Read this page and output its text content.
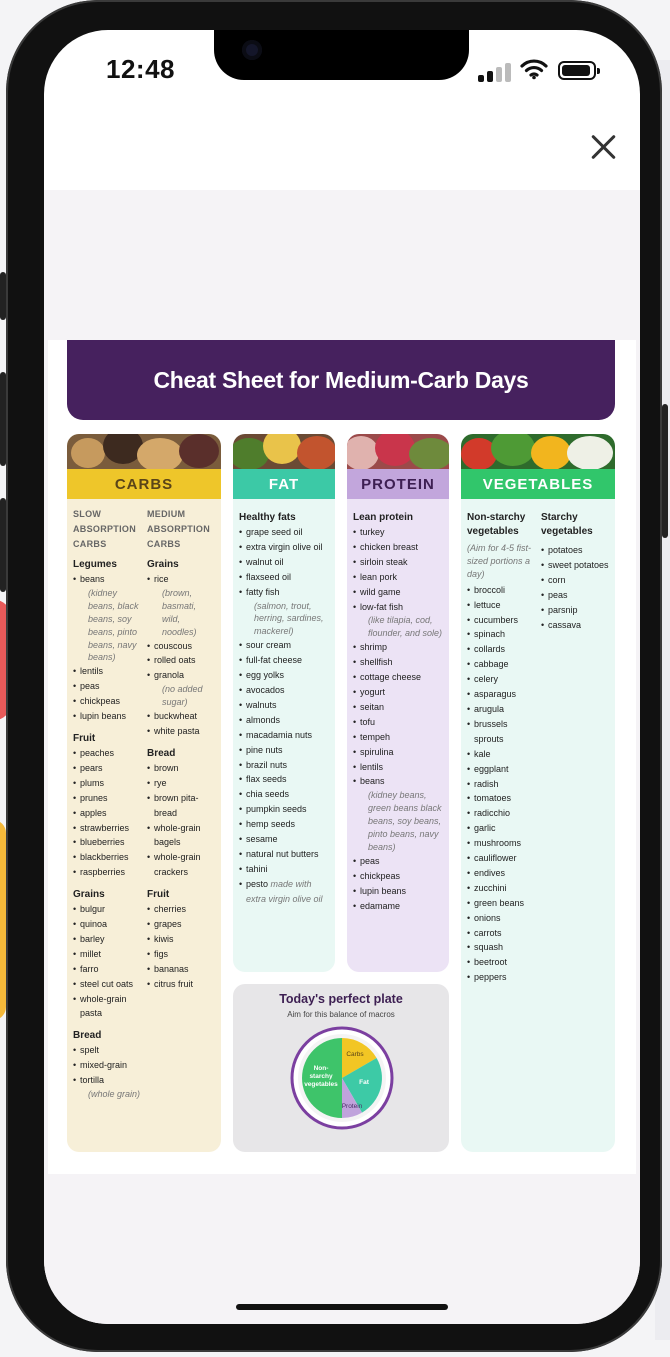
12:48
Cheat Sheet for Medium-Carb Days
CARBS
SLOW
ABSORPTION
CARBS
Legumes
• beans
(kidney beans, black beans, soy beans, pinto beans, navy beans)
• lentils
• peas
• chickpeas
• lupin beans
Fruit
• peaches
• pears
• plums
• prunes
• apples
• strawberries
• blueberries
• blackberries
• raspberries
Grains
• bulgur
• quinoa
• barley
• millet
• farro
• steel cut oats
• whole-grain pasta
Bread
• spelt
• mixed-grain
• tortilla
(whole grain)
MEDIUM
ABSORPTION
CARBS
Grains
• rice
(brown, basmati, wild, noodles)
• couscous
• rolled oats
• granola
(no added sugar)
• buckwheat
• white pasta
Bread
• brown
• rye
• brown pita-bread
• whole-grain bagels
• whole-grain crackers
Fruit
• cherries
• grapes
• kiwis
• figs
• bananas
• citrus fruit
FAT
Healthy fats
• grape seed oil
• extra virgin olive oil
• walnut oil
• flaxseed oil
• fatty fish
(salmon, trout, herring, sardines, mackerel)
• sour cream
• full-fat cheese
• egg yolks
• avocados
• walnuts
• almonds
• macadamia nuts
• pine nuts
• brazil nuts
• flax seeds
• chia seeds
• pumpkin seeds
• hemp seeds
• sesame
• natural nut butters
• tahini
• pesto made with extra virgin olive oil
PROTEIN
Lean protein
• turkey
• chicken breast
• sirloin steak
• lean pork
• wild game
• low-fat fish
(like tilapia, cod, flounder, and sole)
• shrimp
• shellfish
• cottage cheese
• yogurt
• seitan
• tofu
• tempeh
• spirulina
• lentils
• beans
(kidney beans, green beans black beans, soy beans, pinto beans, navy beans)
• peas
• chickpeas
• lupin beans
• edamame
VEGETABLES
Non-starchy vegetables
(Aim for 4-5 fist-sized portions a day)
• broccoli
• lettuce
• cucumbers
• spinach
• collards
• cabbage
• celery
• asparagus
• arugula
• brussels sprouts
• kale
• eggplant
• radish
• tomatoes
• radicchio
• garlic
• mushrooms
• cauliflower
• endives
• zucchini
• green beans
• onions
• carrots
• squash
• beetroot
• peppers
Starchy vegetables
• potatoes
• sweet potatoes
• corn
• peas
• parsnip
• cassava
Today's perfect plate
Aim for this balance of macros
Non-starchy vegetables
Carbs
Fat
Protein
